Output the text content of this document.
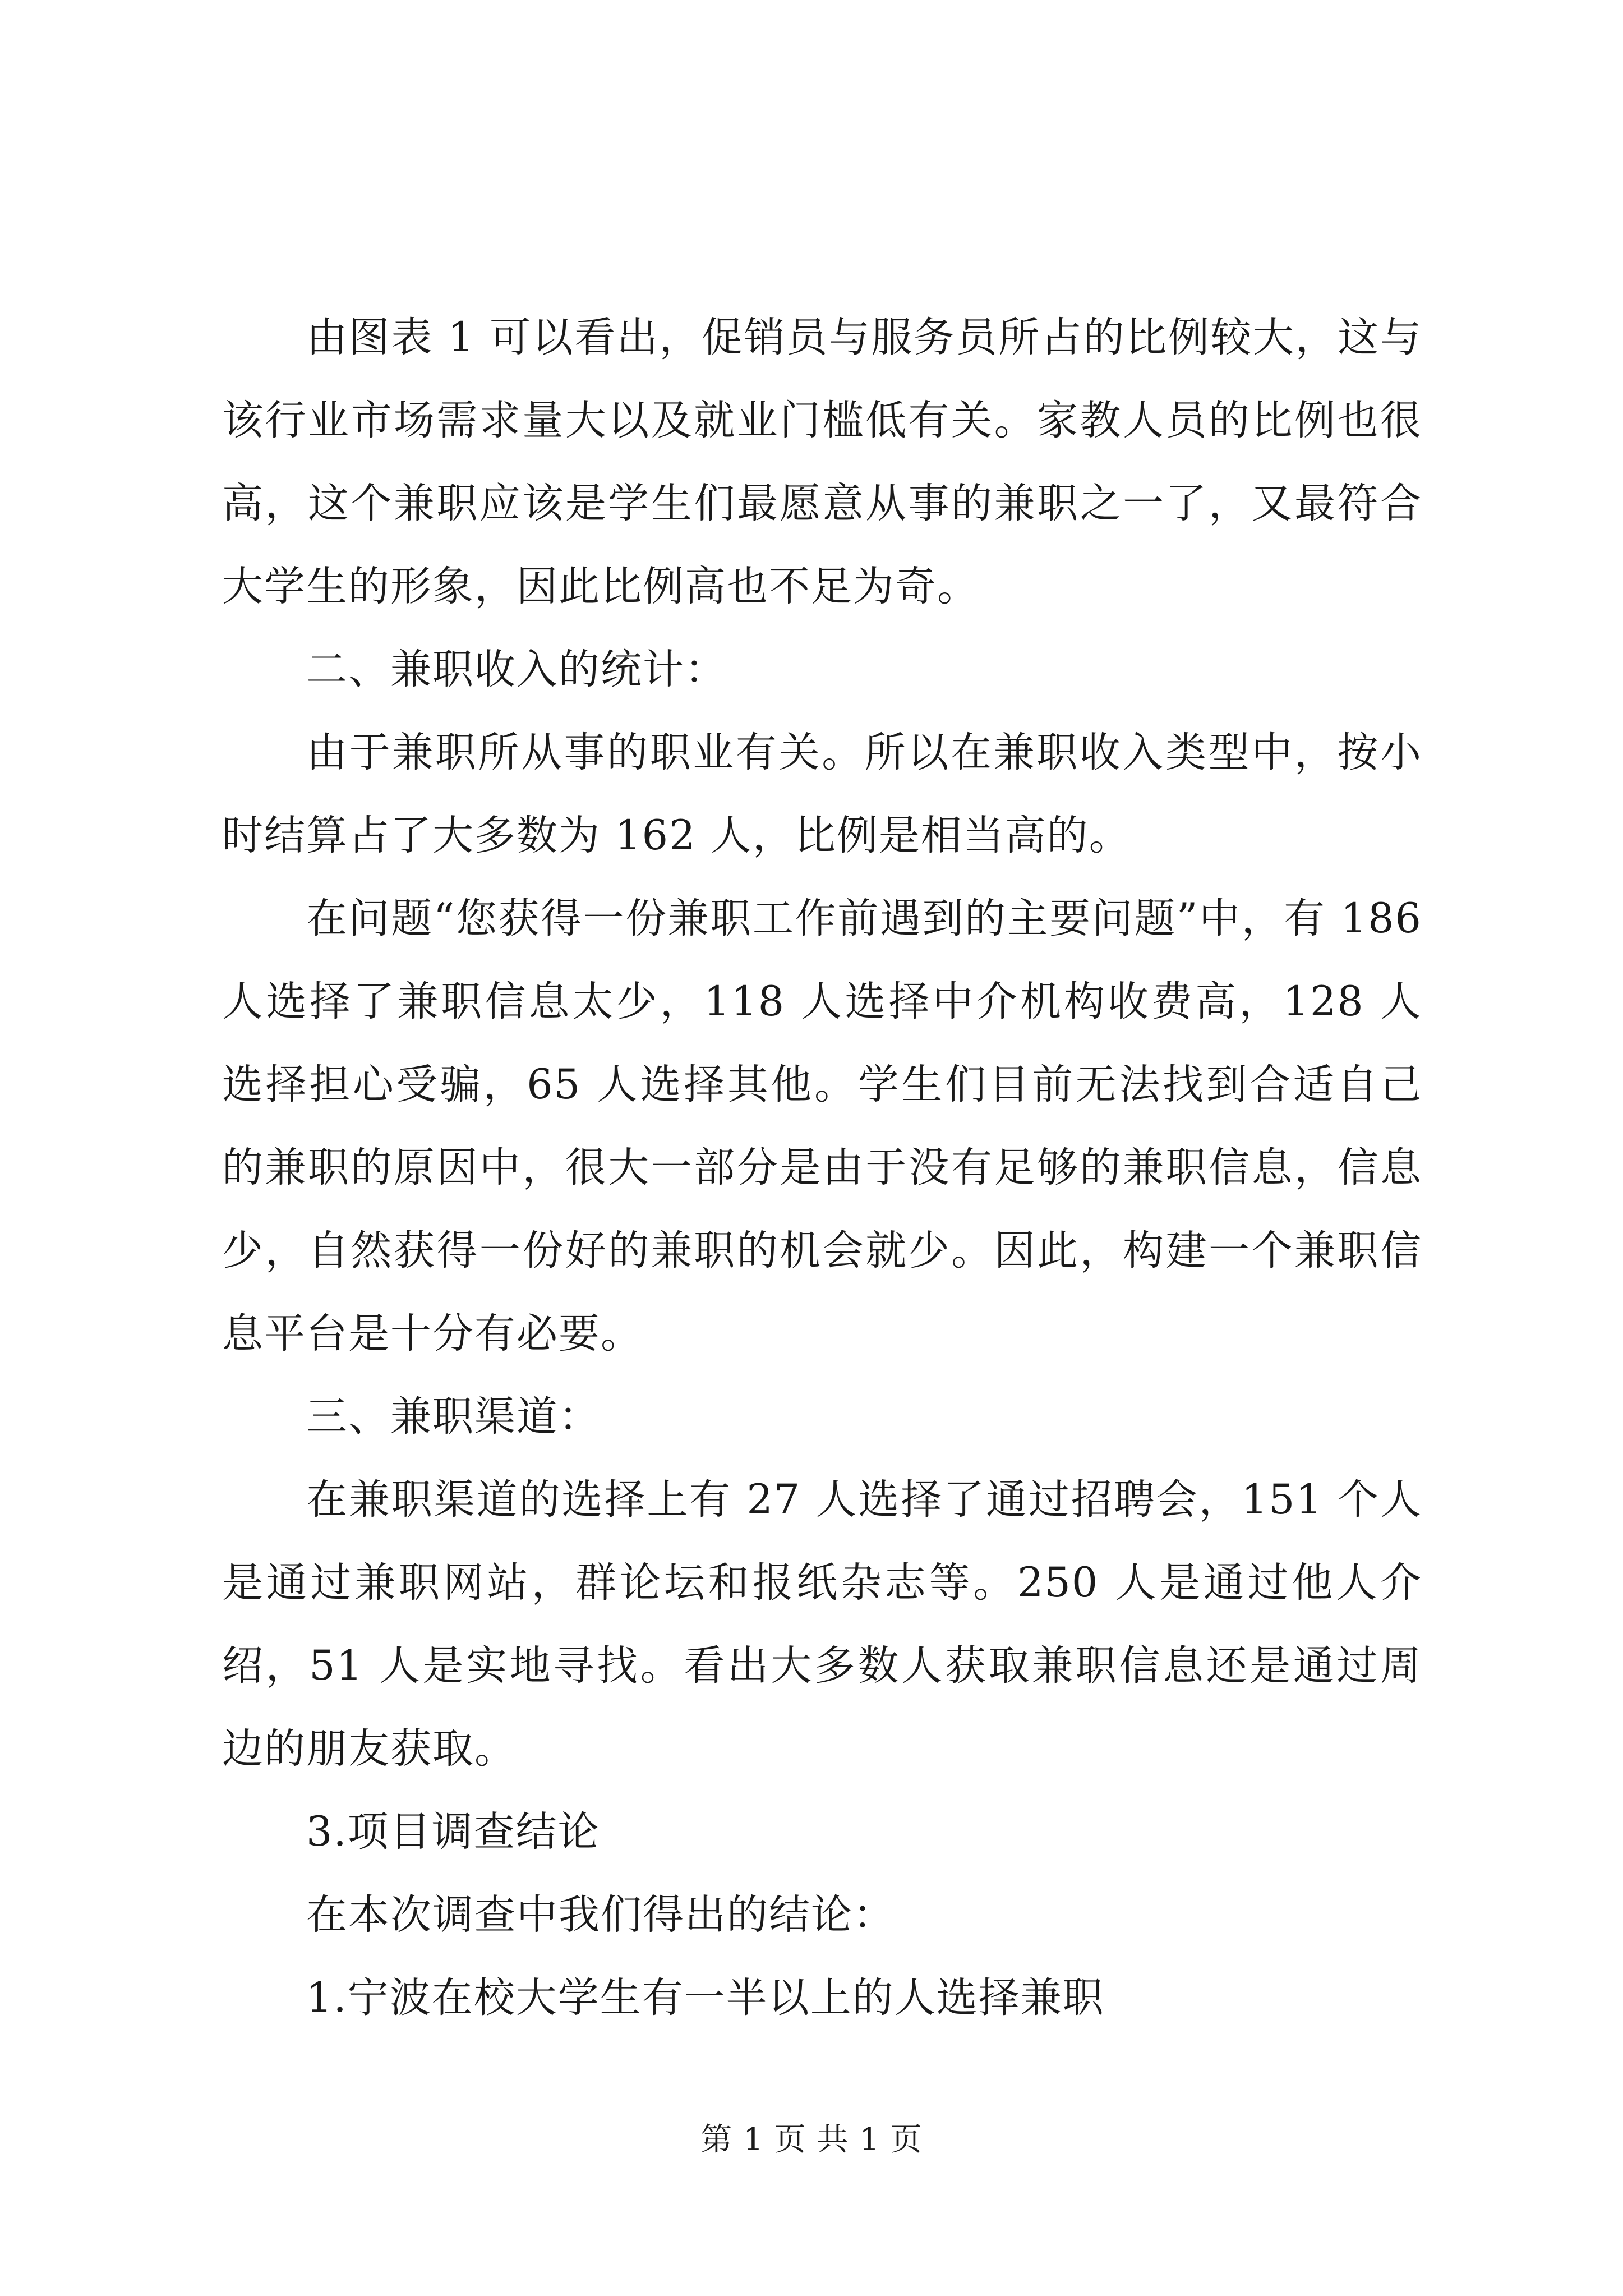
由图表 1 可以看出，促销员与服务员所占的比例较大，这与该行业市场需求量大以及就业门槛低有关。家教人员的比例也很高，这个兼职应该是学生们最愿意从事的兼职之一了，又最符合大学生的形象，因此比例高也不足为奇。

二、兼职收入的统计：

由于兼职所从事的职业有关。所以在兼职收入类型中，按小时结算占了大多数为 162 人，比例是相当高的。

在问题“您获得一份兼职工作前遇到的主要问题”中，有 186 人选择了兼职信息太少，118 人选择中介机构收费高，128 人选择担心受骗，65 人选择其他。学生们目前无法找到合适自己的兼职的原因中，很大一部分是由于没有足够的兼职信息，信息少，自然获得一份好的兼职的机会就少。因此，构建一个兼职信息平台是十分有必要。

三、兼职渠道：

在兼职渠道的选择上有 27 人选择了通过招聘会，151 个人是通过兼职网站，群论坛和报纸杂志等。250 人是通过他人介绍，51 人是实地寻找。看出大多数人获取兼职信息还是通过周边的朋友获取。

3.项目调查结论

在本次调查中我们得出的结论：

1.宁波在校大学生有一半以上的人选择兼职

第 1 页 共 1 页
